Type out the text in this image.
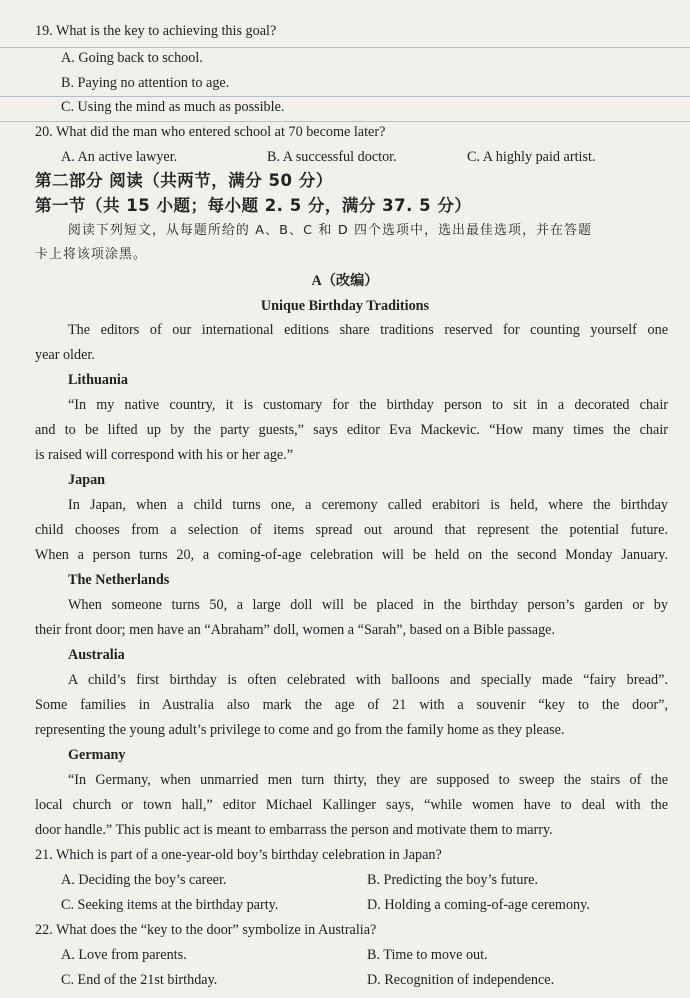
19. What is the key to achieving this goal?
A. Going back to school.
B. Paying no attention to age.
C. Using the mind as much as possible.
20. What did the man who entered school at 70 become later?
A. An active lawyer.	B. A successful doctor.	C. A highly paid artist.
第二部分 阅读（共两节，满分 50 分）
第一节（共 15 小题；每小题 2. 5 分，满分 37. 5 分）
阅读下列短文，从每题所给的 A、B、C 和 D 四个选项中，选出最佳选项，并在答题
卡上将该项涂黑。
A（改编）
Unique Birthday Traditions
The editors of our international editions share traditions reserved for counting yourself one
year older.
Lithuania
“In my native country, it is customary for the birthday person to sit in a decorated chair
and to be lifted up by the party guests,” says editor Eva Mackevic. “How many times the chair
is raised will correspond with his or her age.”
Japan
In Japan, when a child turns one, a ceremony called erabitori is held, where the birthday
child chooses from a selection of items spread out around that represent the potential future.
When a person turns 20, a coming-of-age celebration will be held on the second Monday January.
The Netherlands
When someone turns 50, a large doll will be placed in the birthday person’s garden or by
their front door; men have an “Abraham” doll, women a “Sarah”, based on a Bible passage.
Australia
A child’s first birthday is often celebrated with balloons and specially made “fairy bread”.
Some families in Australia also mark the age of 21 with a souvenir “key to the door”,
representing the young adult’s privilege to come and go from the family home as they please.
Germany
“In Germany, when unmarried men turn thirty, they are supposed to sweep the stairs of the
local church or town hall,” editor Michael Kallinger says, “while women have to deal with the
door handle.” This public act is meant to embarrass the person and motivate them to marry.
21. Which is part of a one-year-old boy’s birthday celebration in Japan?
A. Deciding the boy’s career.	B. Predicting the boy’s future.
C. Seeking items at the birthday party.	D. Holding a coming-of-age ceremony.
22. What does the “key to the door” symbolize in Australia?
A. Love from parents.	B. Time to move out.
C. End of the 21st birthday.	D. Recognition of independence.
